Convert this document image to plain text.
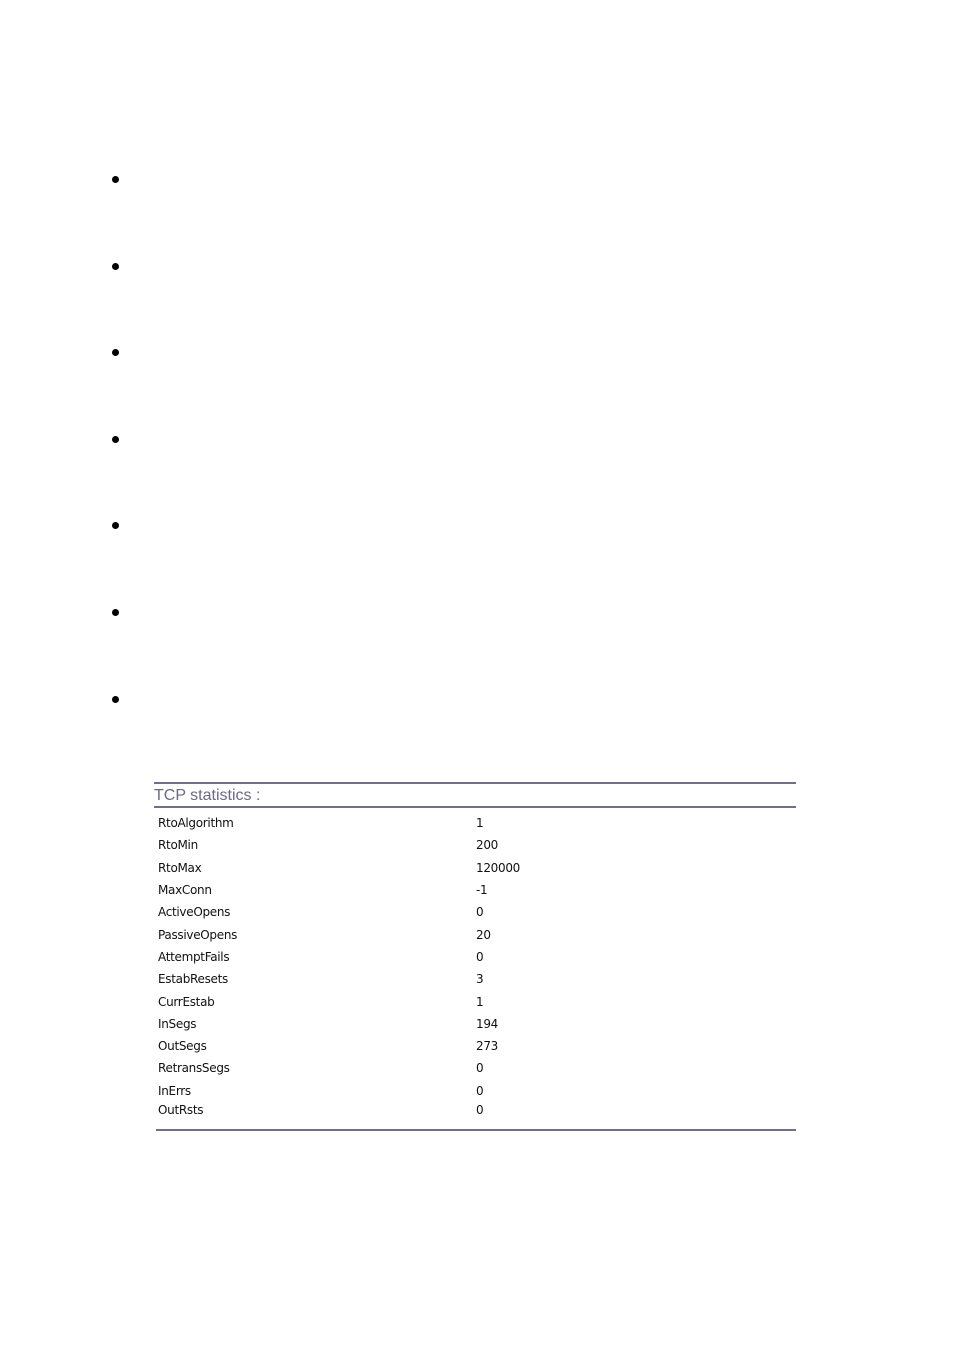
TCP statistics :
RtoAlgorithm	1
RtoMin	200
RtoMax	120000
MaxConn	-1
ActiveOpens	0
PassiveOpens	20
AttemptFails	0
EstabResets	3
CurrEstab	1
InSegs	194
OutSegs	273
RetransSegs	0
InErrs	0
OutRsts	0
